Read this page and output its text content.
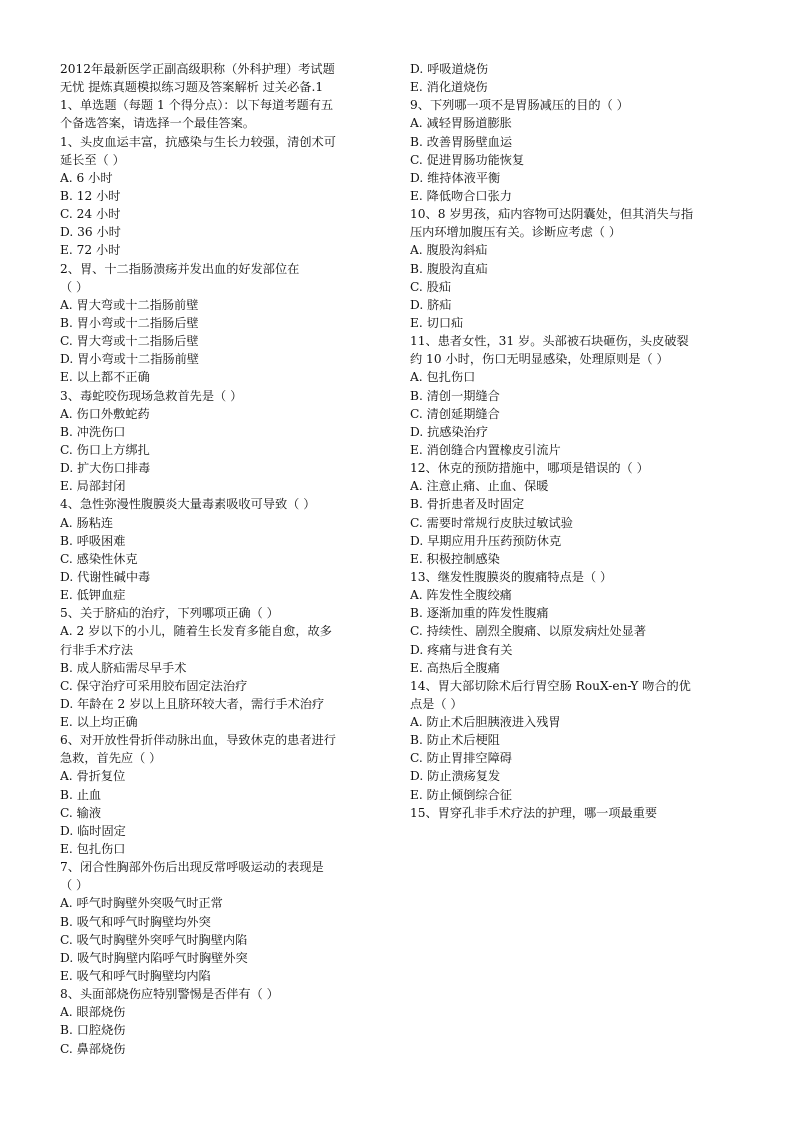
2012年最新医学正副高级职称（外科护理）考试题
无忧 提炼真题模拟练习题及答案解析 过关必备.1
1、单选题（每题 1 个得分点）：以下每道考题有五
个备选答案，请选择一个最佳答案。
1、头皮血运丰富，抗感染与生长力较强，清创术可
延长至（ ）
A. 6 小时
B. 12 小时
C. 24 小时
D. 36 小时
E. 72 小时
2、胃、十二指肠溃疡并发出血的好发部位在
（ ）
A. 胃大弯或十二指肠前壁
B. 胃小弯或十二指肠后壁
C. 胃大弯或十二指肠后壁
D. 胃小弯或十二指肠前壁
E. 以上都不正确
3、毒蛇咬伤现场急救首先是（ ）
A. 伤口外敷蛇药
B. 冲洗伤口
C. 伤口上方绑扎
D. 扩大伤口排毒
E. 局部封闭
4、急性弥漫性腹膜炎大量毒素吸收可导致（ ）
A. 肠粘连
B. 呼吸困难
C. 感染性休克
D. 代谢性碱中毒
E. 低钾血症
5、关于脐疝的治疗，下列哪项正确（ ）
A. 2 岁以下的小儿，随着生长发育多能自愈，故多
行非手术疗法
B. 成人脐疝需尽早手术
C. 保守治疗可采用胶布固定法治疗
D. 年龄在 2 岁以上且脐环较大者，需行手术治疗
E. 以上均正确
6、对开放性骨折伴动脉出血，导致休克的患者进行
急救，首先应（ ）
A. 骨折复位
B. 止血
C. 输液
D. 临时固定
E. 包扎伤口
7、闭合性胸部外伤后出现反常呼吸运动的表现是
（ ）
A. 呼气时胸壁外突吸气时正常
B. 吸气和呼气时胸壁均外突
C. 吸气时胸壁外突呼气时胸壁内陷
D. 吸气时胸壁内陷呼气时胸壁外突
E. 吸气和呼气时胸壁均内陷
8、头面部烧伤应特别警惕是否伴有（ ）
A. 眼部烧伤
B. 口腔烧伤
C. 鼻部烧伤
D. 呼吸道烧伤
E. 消化道烧伤
9、下列哪一项不是胃肠减压的目的（ ）
A. 减轻胃肠道膨胀
B. 改善胃肠壁血运
C. 促进胃肠功能恢复
D. 维持体液平衡
E. 降低吻合口张力
10、8 岁男孩，疝内容物可达阴囊处，但其消失与指
压内环增加腹压有关。诊断应考虑（ ）
A. 腹股沟斜疝
B. 腹股沟直疝
C. 股疝
D. 脐疝
E. 切口疝
11、患者女性，31 岁。头部被石块砸伤，头皮破裂
约 10 小时，伤口无明显感染，处理原则是（ ）
A. 包扎伤口
B. 清创一期缝合
C. 清创延期缝合
D. 抗感染治疗
E. 消创缝合内置橡皮引流片
12、休克的预防措施中，哪项是错误的（ ）
A. 注意止痛、止血、保暖
B. 骨折患者及时固定
C. 需要时常规行皮肤过敏试验
D. 早期应用升压药预防休克
E. 积极控制感染
13、继发性腹膜炎的腹痛特点是（ ）
A. 阵发性全腹绞痛
B. 逐渐加重的阵发性腹痛
C. 持续性、剧烈全腹痛、以原发病灶处显著
D. 疼痛与进食有关
E. 高热后全腹痛
14、胃大部切除术后行胃空肠 RouX-en-Y 吻合的优
点是（ ）
A. 防止术后胆胰液进入残胃
B. 防止术后梗阻
C. 防止胃排空障碍
D. 防止溃疡复发
E. 防止倾倒综合征
15、胃穿孔非手术疗法的护理，哪一项最重要
